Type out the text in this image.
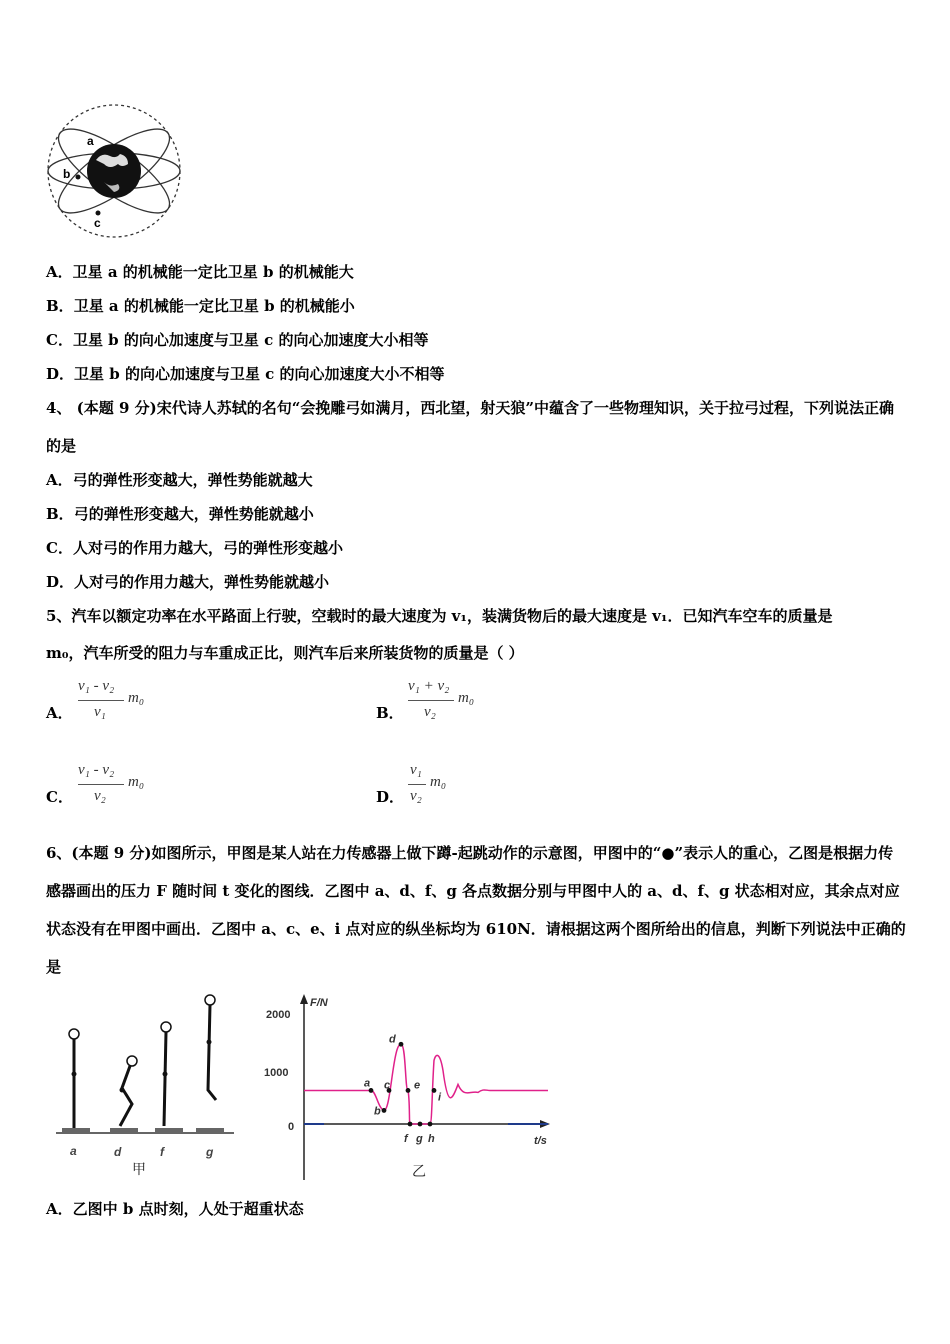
a
b
c
A．卫星 a 的机械能一定比卫星 b 的机械能大
B．卫星 a 的机械能一定比卫星 b 的机械能小
C．卫星 b 的向心加速度与卫星 c 的向心加速度大小相等
D．卫星 b 的向心加速度与卫星 c 的向心加速度大小不相等
4、 (本题 9 分)宋代诗人苏轼的名句“会挽雕弓如满月，西北望，射天狼”中蕴含了一些物理知识，关于拉弓过程，下列说法正确的是
A．弓的弹性形变越大，弹性势能就越大
B．弓的弹性形变越大，弹性势能就越小
C．人对弓的作用力越大，弓的弹性形变越小
D．人对弓的作用力越大，弹性势能就越小
5、汽车以额定功率在水平路面上行驶，空载时的最大速度为 v₁，装满货物后的最大速度是 v₁．已知汽车空车的质量是
m₀，汽车所受的阻力与车重成正比，则汽车后来所装货物的质量是（ ）
A．
v₁ - v₂
v₁
m₀
B．
v₁ + v₂
v₂
m₀
C．
v₁ - v₂
v₂
m₀
D．
v₁
v₂
m₀
6、(本题 9 分)如图所示，甲图是某人站在力传感器上做下蹲-起跳动作的示意图，甲图中的“●”表示人的重心，乙图是根据力传感器画出的压力 F 随时间 t 变化的图线．乙图中 a、d、f、g 各点数据分别与甲图中人的 a、d、f、g 状态相对应，其余点对应状态没有在甲图中画出．乙图中 a、c、e、i 点对应的纵坐标均为 610N．请根据这两个图所给出的信息，判断下列说法中正确的是
a	d	f	g
甲
F/N
t/s
2000
1000
0
a
b
c
d
e
f g h
i
乙
A．乙图中 b 点时刻，人处于超重状态
